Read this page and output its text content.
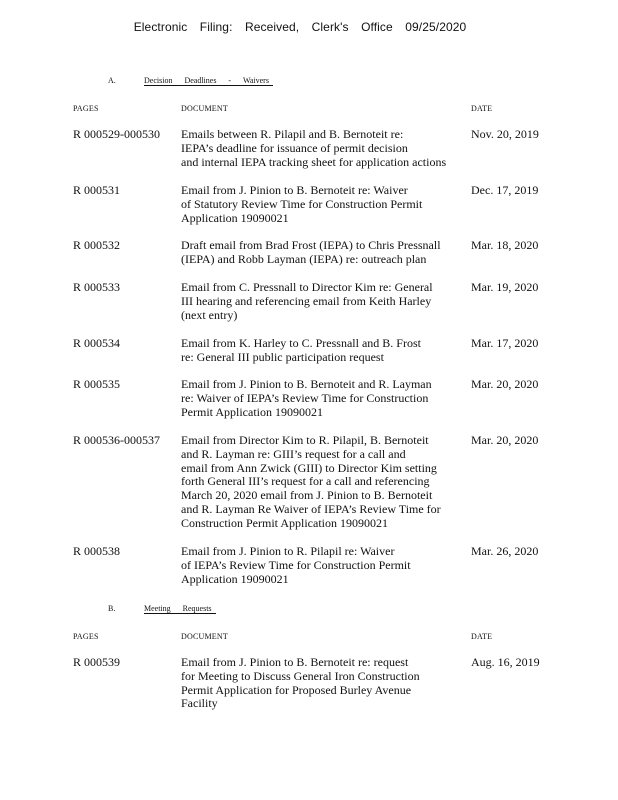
Electronic Filing: Received, Clerk's Office 09/25/2020
A.	Decision Deadlines - Waivers
PAGES	DOCUMENT	DATE
R 000529-000530	Emails between R. Pilapil and B. Bernoteit re:
IEPA’s deadline for issuance of permit decision
and internal IEPA tracking sheet for application actions
Nov. 20, 2019
R 000531	Email from J. Pinion to B. Bernoteit re: Waiver
of Statutory Review Time for Construction Permit
Application 19090021
Dec. 17, 2019
R 000532	Draft email from Brad Frost (IEPA) to Chris Pressnall
(IEPA) and Robb Layman (IEPA) re: outreach plan
Mar. 18, 2020
R 000533	Email from C. Pressnall to Director Kim re: General
III hearing and referencing email from Keith Harley
(next entry)
Mar. 19, 2020
R 000534	Email from K. Harley to C. Pressnall and B. Frost
re: General III public participation request
Mar. 17, 2020
R 000535	Email from J. Pinion to B. Bernoteit and R. Layman
re: Waiver of IEPA’s Review Time for Construction
Permit Application 19090021
Mar. 20, 2020
R 000536-000537	Email from Director Kim to R. Pilapil, B. Bernoteit
and R. Layman re: GIII’s request for a call and
email from Ann Zwick (GIII) to Director Kim setting
forth General III’s request for a call and referencing
March 20, 2020 email from J. Pinion to B. Bernoteit
and R. Layman Re Waiver of IEPA’s Review Time for
Construction Permit Application 19090021
Mar. 20, 2020
R 000538	Email from J. Pinion to R. Pilapil re: Waiver
of IEPA’s Review Time for Construction Permit
Application 19090021
Mar. 26, 2020
B.	Meeting Requests
PAGES	DOCUMENT	DATE
R 000539	Email from J. Pinion to B. Bernoteit re: request
for Meeting to Discuss General Iron Construction
Permit Application for Proposed Burley Avenue
Facility
Aug. 16, 2019
